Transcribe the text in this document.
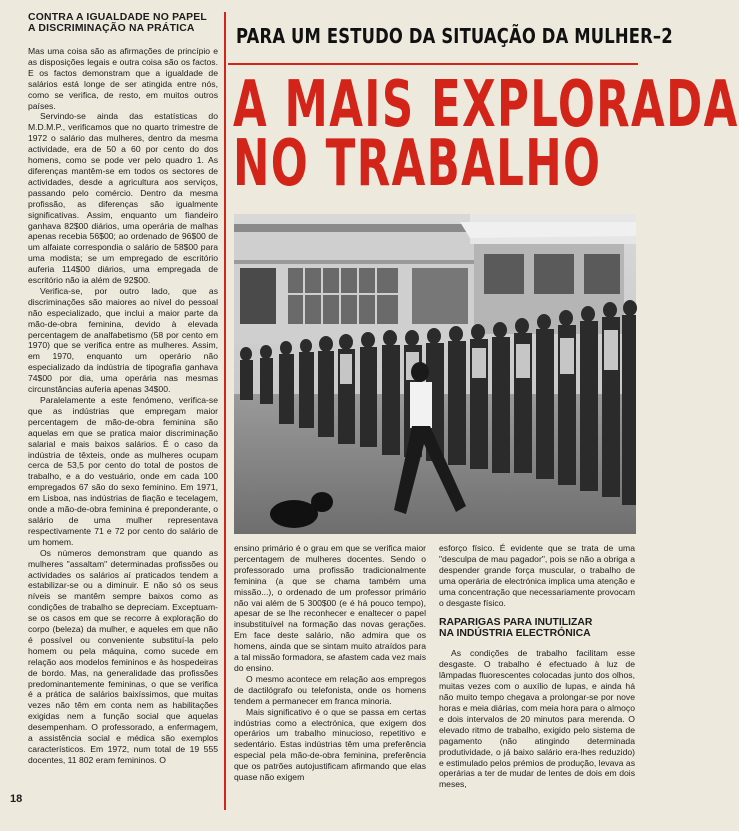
CONTRA A IGUALDADE NO PAPEL
A DISCRIMINAÇÃO NA PRÁTICA

Mas uma coisa são as afirmações de princípio e as disposições legais e outra coisa são os factos. E os factos demonstram que a igualdade de salários está longe de ser atingida entre nós, como se verifica, de resto, em muitos outros países.

Servindo-se ainda das estatísticas do M.D.M.P., verificamos que no quarto trimestre de 1972 o salário das mulheres, dentro da mesma actividade, era de 50 a 60 por cento do dos homens, como se pode ver pelo quadro 1. As diferenças mantêm-se em todos os sectores de actividades, desde a agricultura aos serviços, passando pelo comércio. Dentro da mesma profissão, as diferenças são igualmente significativas. Assim, enquanto um fiandeiro ganhava 82$00 diários, uma operária de malhas apenas recebia 56$00; ao ordenado de 96$00 de um alfaiate correspondia o salário de 58$00 para uma modista; se um empregado de escritório auferia 114$00 diários, uma empregada de escritório não ia além de 92$00.

Verifica-se, por outro lado, que as discriminações são maiores ao nível do pessoal não especializado, que inclui a maior parte da mão-de-obra feminina, devido à elevada percentagem de analfabetismo (58 por cento em 1970) que se verifica entre as mulheres. Assim, em 1970, enquanto um operário não especializado da indústria de tipografia ganhava 74$00 por dia, uma operária nas mesmas circunstâncias auferia apenas 34$00.

Paralelamente a este fenómeno, verifica-se que as indústrias que empregam maior percentagem de mão-de-obra feminina são aquelas em que se pratica maior discriminação salarial e mais baixos salários. É o caso da indústria de têxteis, onde as mulheres ocupam cerca de 53,5 por cento do total de postos de trabalho, e a do vestuário, onde em cada 100 empregados 67 são do sexo feminino. Em 1971, em Lisboa, nas indústrias de fiação e tecelagem, onde a mão-de-obra feminina é preponderante, o salário de uma mulher representava respectivamente 71 e 72 por cento do salário de um homem.

Os números demonstram que quando as mulheres "assaltam" determinadas profissões ou actividades os salários aí praticados tendem a estabilizar-se ou a diminuir. E não só os seus níveis se mantêm sempre baixos como as condições de trabalho se depreciam. Exceptuam-se os casos em que se recorre à exploração do corpo (beleza) da mulher, e aqueles em que não é possível ou conveniente substituí-la pelo homem ou pela máquina, como sucede em relação aos modelos femininos e às hospedeiras de bordo. Mas, na generalidade das profissões predominantemente femininas, o que se verifica é a prática de salários baixíssimos, que muitas vezes não têm em conta nem as habilitações exigidas nem a função social que aquelas desempenham. O professorado, a enfermagem, a assistência social e médica são exemplos característicos. Em 1972, num total de 19 555 docentes, 11 802 eram femininos. O

PARA UM ESTUDO DA SITUAÇÃO DA MULHER–2
A MAIS EXPLORADA
NO TRABALHO

ensino primário é o grau em que se verifica maior percentagem de mulheres docentes. Sendo o professorado uma profissão tradicionalmente feminina (a que se chama também uma missão...), o ordenado de um professor primário não vai além de 5 300$00 (e é há pouco tempo), apesar de se lhe reconhecer e enaltecer o papel insubstituível na formação das novas gerações. Em face deste salário, não admira que os homens, ainda que se sintam muito atraídos para a tal missão formadora, se afastem cada vez mais do ensino.

O mesmo acontece em relação aos empregos de dactilógrafo ou telefonista, onde os homens tendem a permanecer em franca minoria.

Mais significativo é o que se passa em certas indústrias como a electrónica, que exigem dos operários um trabalho minucioso, repetitivo e sedentário. Estas indústrias têm uma preferência especial pela mão-de-obra feminina, preferência que os patrões autojustificam afirmando que elas quase não exigem

esforço físico. É evidente que se trata de uma "desculpa de mau pagador", pois se não a obriga a despender grande força muscular, o trabalho de uma operária de electrónica implica uma atenção e uma concentração que necessariamente provocam o desgaste físico.

RAPARIGAS PARA INUTILIZAR
NA INDÚSTRIA ELECTRÓNICA

As condições de trabalho facilitam esse desgaste. O trabalho é efectuado à luz de lâmpadas fluorescentes colocadas junto dos olhos, muitas vezes com o auxílio de lupas, e ainda há não muito tempo chegava a prolongar-se por nove horas e meia diárias, com meia hora para o almoço e dois intervalos de 20 minutos para merenda. O elevado ritmo de trabalho, exigido pelo sistema de pagamento (não atingindo determinada produtividade, o já baixo salário era-lhes reduzido) e estimulado pelos prémios de produção, levava as operárias a ter de mudar de lentes de dois em dois meses,

18
